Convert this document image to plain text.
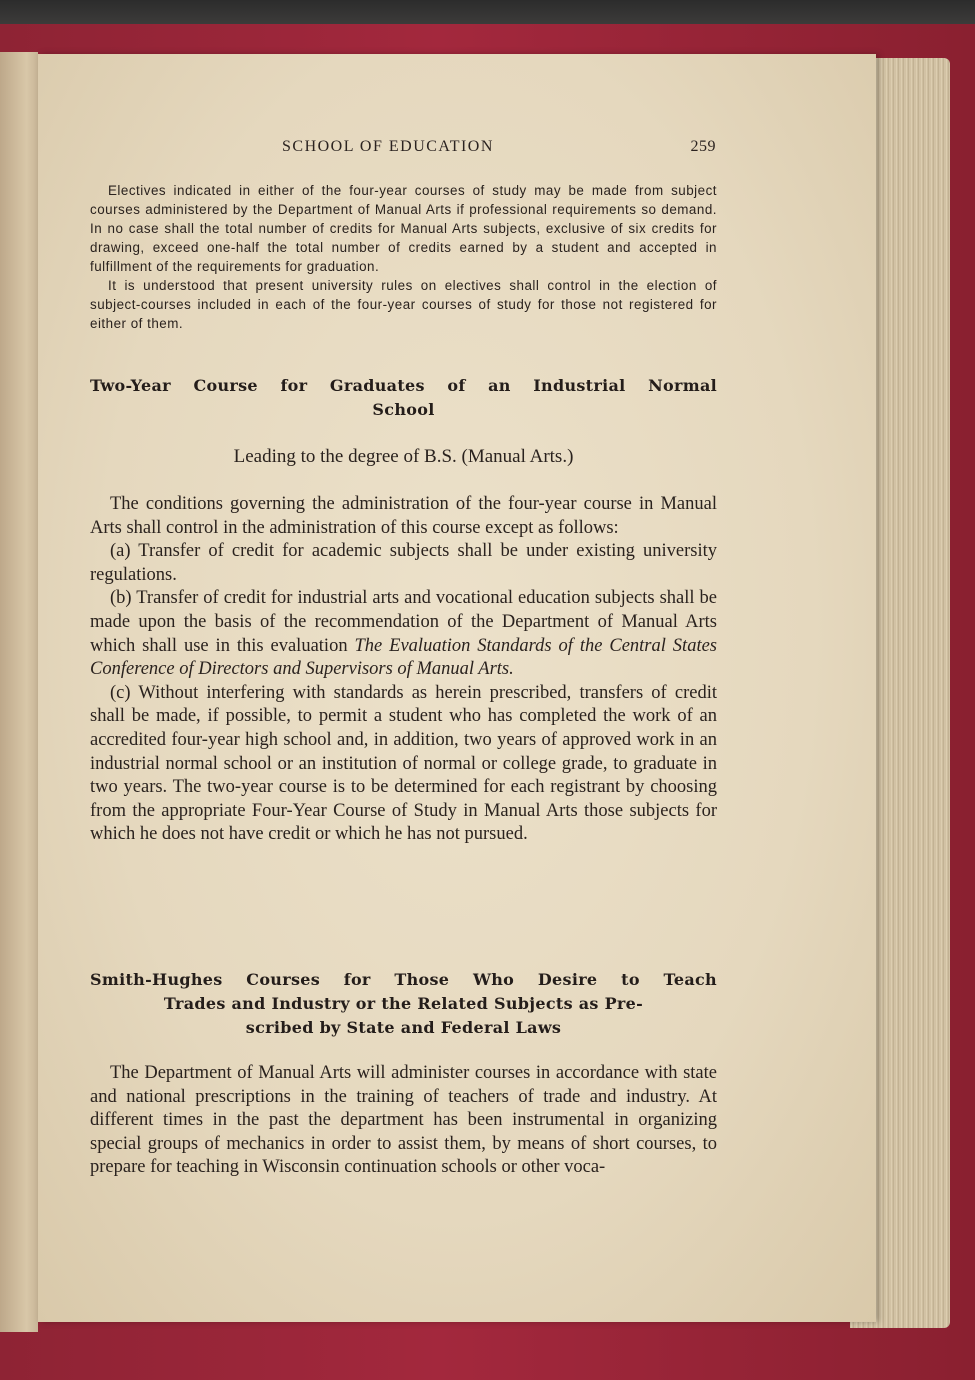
SCHOOL OF EDUCATION	259

Electives indicated in either of the four-year courses of study may be made from subject courses administered by the Department of Manual Arts if professional requirements so demand. In no case shall the total number of credits for Manual Arts subjects, exclusive of six credits for drawing, exceed one-half the total number of credits earned by a student and accepted in fulfillment of the requirements for graduation.

It is understood that present university rules on electives shall control in the election of subject-courses included in each of the four-year courses of study for those not registered for either of them.

Two-Year Course for Graduates of an Industrial Normal
School
Leading to the degree of B.S. (Manual Arts.)

The conditions governing the administration of the four-year course in Manual Arts shall control in the administration of this course except as follows:

(a) Transfer of credit for academic subjects shall be under existing university regulations.

(b) Transfer of credit for industrial arts and vocational education subjects shall be made upon the basis of the recommendation of the Department of Manual Arts which shall use in this evaluation The Evaluation Standards of the Central States Conference of Directors and Supervisors of Manual Arts.

(c) Without interfering with standards as herein prescribed, transfers of credit shall be made, if possible, to permit a student who has completed the work of an accredited four-year high school and, in addition, two years of approved work in an industrial normal school or an institution of normal or college grade, to graduate in two years. The two-year course is to be determined for each registrant by choosing from the appropriate Four-Year Course of Study in Manual Arts those subjects for which he does not have credit or which he has not pursued.

Smith-Hughes Courses for Those Who Desire to Teach
Trades and Industry or the Related Subjects as Pre-
scribed by State and Federal Laws

The Department of Manual Arts will administer courses in accordance with state and national prescriptions in the training of teachers of trade and industry. At different times in the past the department has been instrumental in organizing special groups of mechanics in order to assist them, by means of short courses, to prepare for teaching in Wisconsin continuation schools or other voca-
